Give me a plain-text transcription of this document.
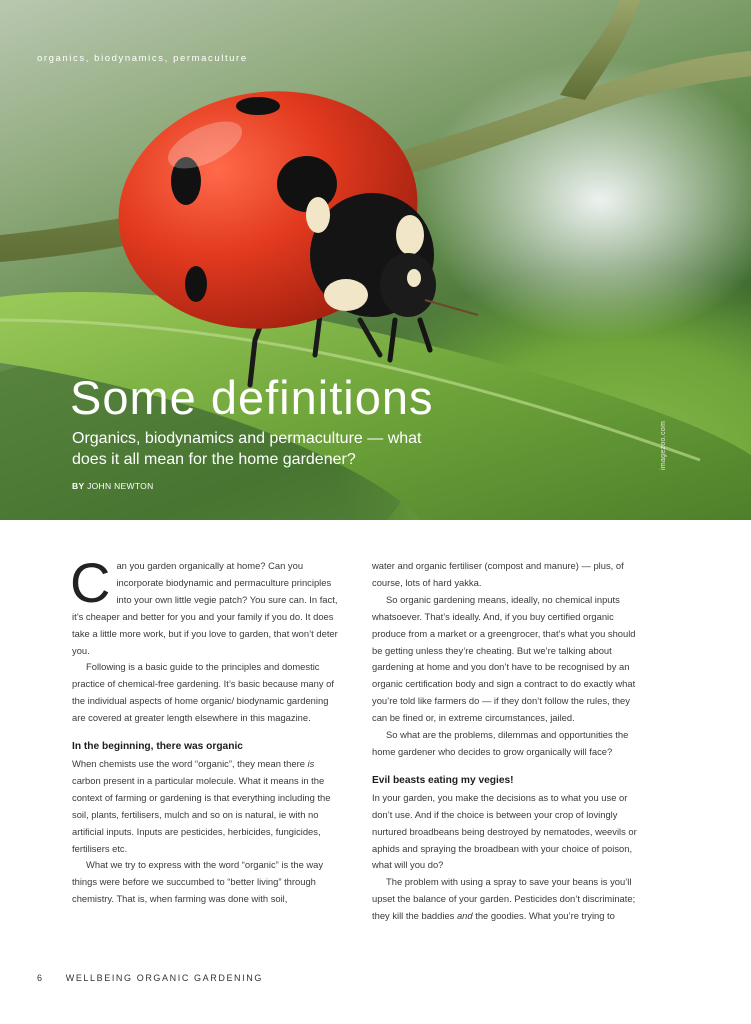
organics, biodynamics, permaculture
Some definitions
Organics, biodynamics and permaculture — what does it all mean for the home gardener?
BY JOHN NEWTON
imagezoo.com

Can you garden organically at home? Can you incorporate biodynamic and permaculture principles into your own little vegie patch? You sure can. In fact, it’s cheaper and better for you and your family if you do. It does take a little more work, but if you love to garden, that won’t deter you.

Following is a basic guide to the principles and domestic practice of chemical-free gardening. It’s basic because many of the individual aspects of home organic/ biodynamic gardening are covered at greater length elsewhere in this magazine.

In the beginning, there was organic

When chemists use the word “organic”, they mean there is carbon present in a particular molecule. What it means in the context of farming or gardening is that everything including the soil, plants, fertilisers, mulch and so on is natural, ie with no artificial inputs. Inputs are pesticides, herbicides, fungicides, fertilisers etc.

What we try to express with the word “organic” is the way things were before we succumbed to “better living” through chemistry. That is, when farming was done with soil,

water and organic fertiliser (compost and manure) — plus, of course, lots of hard yakka.

So organic gardening means, ideally, no chemical inputs whatsoever. That’s ideally. And, if you buy certified organic produce from a market or a greengrocer, that’s what you should be getting unless they’re cheating. But we’re talking about gardening at home and you don’t have to be recognised by an organic certification body and sign a contract to do exactly what you’re told like farmers do — if they don’t follow the rules, they can be fined or, in extreme circumstances, jailed.

So what are the problems, dilemmas and opportunities the home gardener who decides to grow organically will face?

Evil beasts eating my vegies!

In your garden, you make the decisions as to what you use or don’t use. And if the choice is between your crop of lovingly nurtured broadbeans being destroyed by nematodes, weevils or aphids and spraying the broadbean with your choice of poison, what will you do?

The problem with using a spray to save your beans is you’ll upset the balance of your garden. Pesticides don’t discriminate; they kill the baddies and the goodies. What you’re trying to

6 WELLBEING ORGANIC GARDENING
